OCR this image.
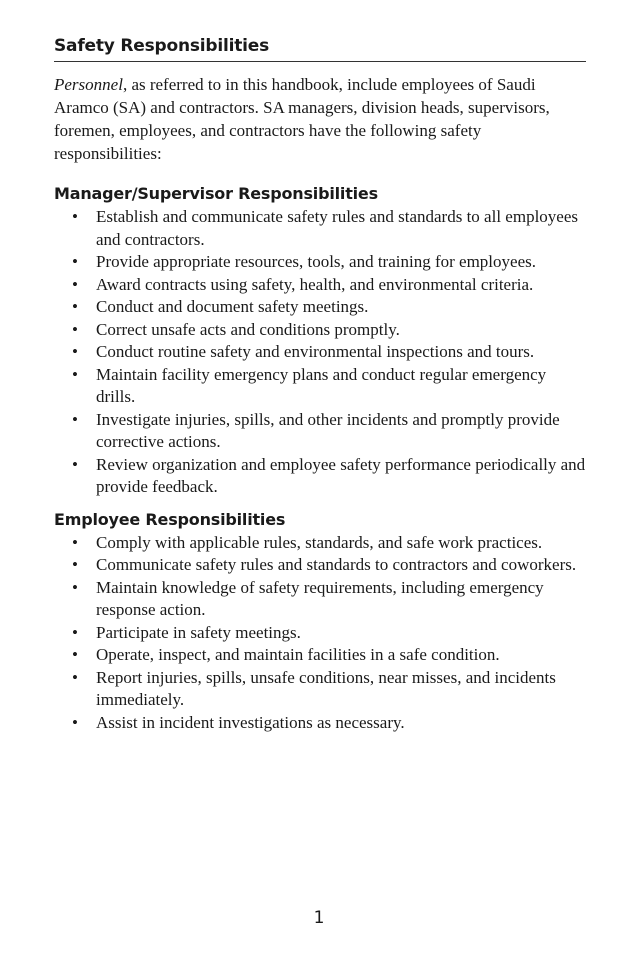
Safety Responsibilities

Personnel, as referred to in this handbook, include employees of Saudi Aramco (SA) and contractors. SA managers, division heads, supervisors, foremen, employees, and contractors have the following safety responsibilities:

Manager/Supervisor Responsibilities
• Establish and communicate safety rules and standards to all employees and contractors.
• Provide appropriate resources, tools, and training for employees.
• Award contracts using safety, health, and environmental criteria.
• Conduct and document safety meetings.
• Correct unsafe acts and conditions promptly.
• Conduct routine safety and environmental inspections and tours.
• Maintain facility emergency plans and conduct regular emergency drills.
• Investigate injuries, spills, and other incidents and promptly provide corrective actions.
• Review organization and employee safety performance periodically and provide feedback.
Employee Responsibilities
• Comply with applicable rules, standards, and safe work practices.
• Communicate safety rules and standards to contractors and coworkers.
• Maintain knowledge of safety requirements, including emergency response action.
• Participate in safety meetings.
• Operate, inspect, and maintain facilities in a safe condition.
• Report injuries, spills, unsafe conditions, near misses, and incidents immediately.
• Assist in incident investigations as necessary.
1
